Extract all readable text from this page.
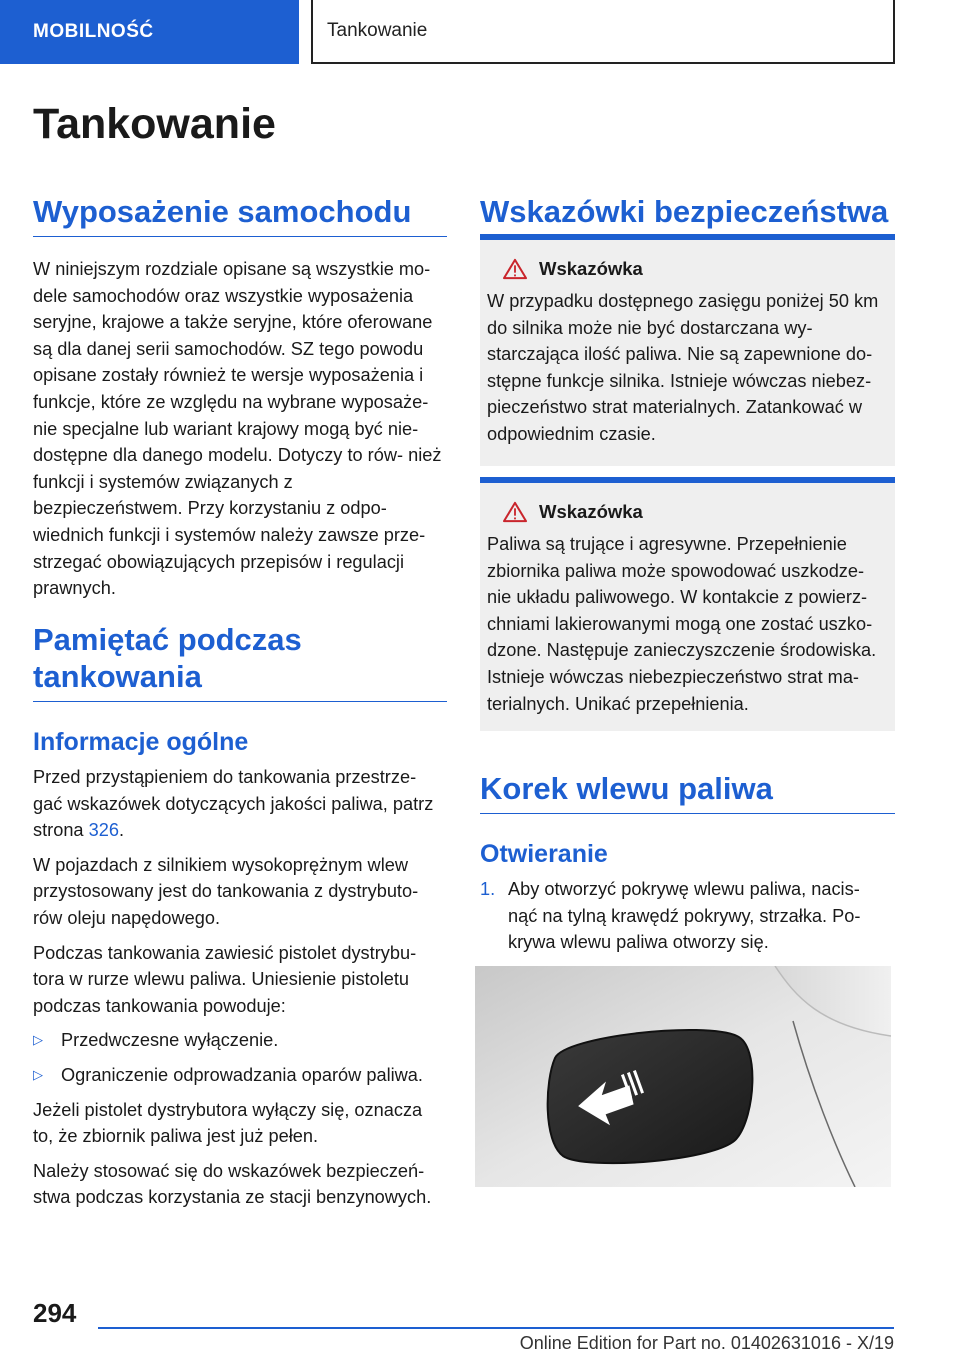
MOBILNOŚĆ	Tankowanie
Tankowanie
Wyposażenie samochodu

W niniejszym rozdziale opisane są wszystkie mo‐ dele samochodów oraz wszystkie wyposażenia seryjne, krajowe a także seryjne, które oferowane są dla danej serii samochodów. SZ tego powodu opisane zostały również te wersje wyposażenia i funkcje, które ze względu na wybrane wyposaże‐ nie specjalne lub wariant krajowy mogą być nie‐ dostępne dla danego modelu. Dotyczy to rów‐ nież funkcji i systemów związanych z bezpieczeństwem. Przy korzystaniu z odpo‐ wiednich funkcji i systemów należy zawsze prze‐ strzegać obowiązujących przepisów i regulacji prawnych.

Pamiętać podczas tankowania
Informacje ogólne

Przed przystąpieniem do tankowania przestrze‐ gać wskazówek dotyczących jakości paliwa, patrz strona 326.

W pojazdach z silnikiem wysokoprężnym wlew przystosowany jest do tankowania z dystrybuto‐ rów oleju napędowego.

Podczas tankowania zawiesić pistolet dystrybu‐ tora w rurze wlewu paliwa. Uniesienie pistoletu podczas tankowania powoduje:

▷ Przedwczesne wyłączenie.
▷ Ograniczenie odprowadzania oparów paliwa.

Jeżeli pistolet dystrybutora wyłączy się, oznacza to, że zbiornik paliwa jest już pełen.

Należy stosować się do wskazówek bezpieczeń‐ stwa podczas korzystania ze stacji benzynowych.

Wskazówki bezpieczeństwa
Wskazówka

W przypadku dostępnego zasięgu poniżej 50 km do silnika może nie być dostarczana wy‐ starczająca ilość paliwa. Nie są zapewnione do‐ stępne funkcje silnika. Istnieje wówczas niebez‐ pieczeństwo strat materialnych. Zatankować w odpowiednim czasie.

Wskazówka

Paliwa są trujące i agresywne. Przepełnienie zbiornika paliwa może spowodować uszkodze‐ nie układu paliwowego. W kontakcie z powierz‐ chniami lakierowanymi mogą one zostać uszko‐ dzone. Następuje zanieczyszczenie środowiska. Istnieje wówczas niebezpieczeństwo strat ma‐ terialnych. Unikać przepełnienia.

Korek wlewu paliwa
Otwieranie
1. Aby otworzyć pokrywę wlewu paliwa, nacis‐ nąć na tylną krawędź pokrywy, strzałka. Po‐ krywa wlewu paliwa otworzy się.
294
Online Edition for Part no. 01402631016 - X/19
